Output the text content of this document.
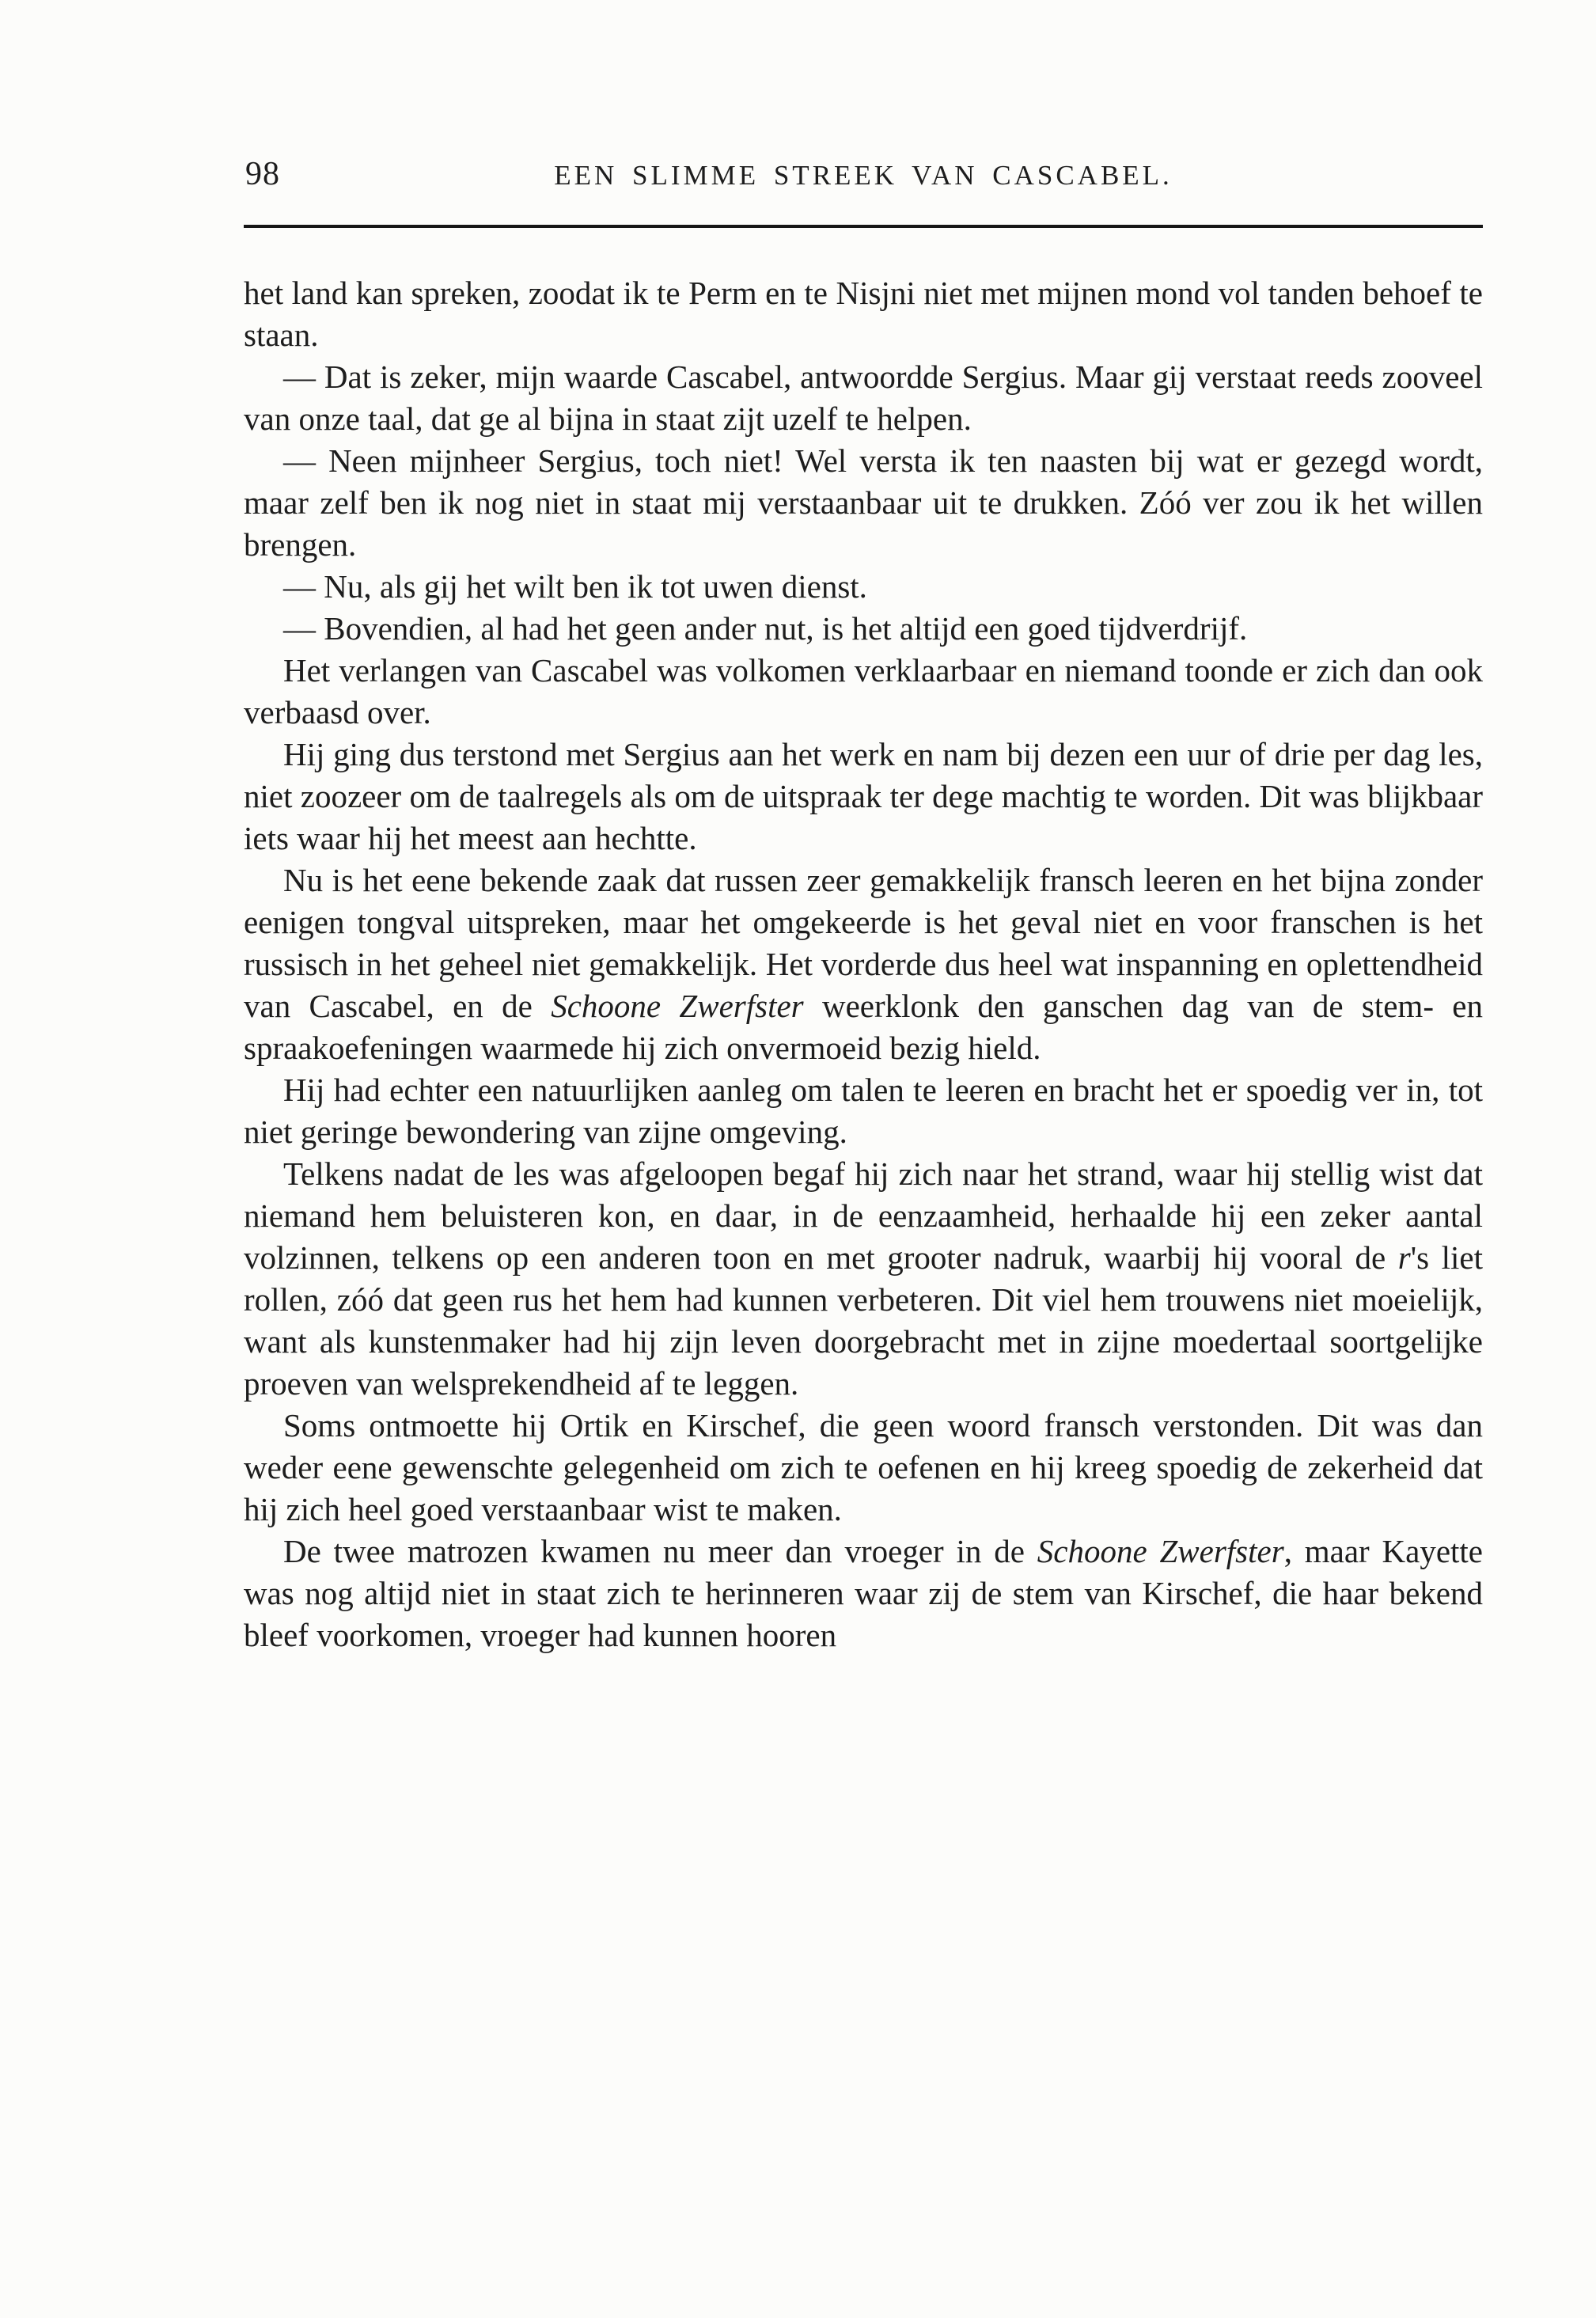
98	EEN SLIMME STREEK VAN CASCABEL.

het land kan spreken, zoodat ik te Perm en te Nisjni niet met mijnen mond vol tanden behoef te staan.

— Dat is zeker, mijn waarde Cascabel, antwoordde Sergius. Maar gij verstaat reeds zooveel van onze taal, dat ge al bijna in staat zijt uzelf te helpen.

— Neen mijnheer Sergius, toch niet! Wel versta ik ten naasten bij wat er gezegd wordt, maar zelf ben ik nog niet in staat mij verstaanbaar uit te drukken. Zóó ver zou ik het willen brengen.

— Nu, als gij het wilt ben ik tot uwen dienst.

— Bovendien, al had het geen ander nut, is het altijd een goed tijdverdrijf.

Het verlangen van Cascabel was volkomen verklaarbaar en niemand toonde er zich dan ook verbaasd over.

Hij ging dus terstond met Sergius aan het werk en nam bij dezen een uur of drie per dag les, niet zoozeer om de taalregels als om de uitspraak ter dege machtig te worden. Dit was blijkbaar iets waar hij het meest aan hechtte.

Nu is het eene bekende zaak dat russen zeer gemakkelijk fransch leeren en het bijna zonder eenigen tongval uitspreken, maar het omgekeerde is het geval niet en voor franschen is het russisch in het geheel niet gemakkelijk. Het vorderde dus heel wat inspanning en oplettendheid van Cascabel, en de Schoone Zwerfster weerklonk den ganschen dag van de stem- en spraakoefeningen waarmede hij zich onvermoeid bezig hield.

Hij had echter een natuurlijken aanleg om talen te leeren en bracht het er spoedig ver in, tot niet geringe bewondering van zijne omgeving.

Telkens nadat de les was afgeloopen begaf hij zich naar het strand, waar hij stellig wist dat niemand hem beluisteren kon, en daar, in de eenzaamheid, herhaalde hij een zeker aantal volzinnen, telkens op een anderen toon en met grooter nadruk, waarbij hij vooral de r's liet rollen, zóó dat geen rus het hem had kunnen verbeteren. Dit viel hem trouwens niet moeielijk, want als kunstenmaker had hij zijn leven doorgebracht met in zijne moedertaal soortgelijke proeven van welsprekendheid af te leggen.

Soms ontmoette hij Ortik en Kirschef, die geen woord fransch verstonden. Dit was dan weder eene gewenschte gelegenheid om zich te oefenen en hij kreeg spoedig de zekerheid dat hij zich heel goed verstaanbaar wist te maken.

De twee matrozen kwamen nu meer dan vroeger in de Schoone Zwerfster, maar Kayette was nog altijd niet in staat zich te herinneren waar zij de stem van Kirschef, die haar bekend bleef voorkomen, vroeger had kunnen hooren
